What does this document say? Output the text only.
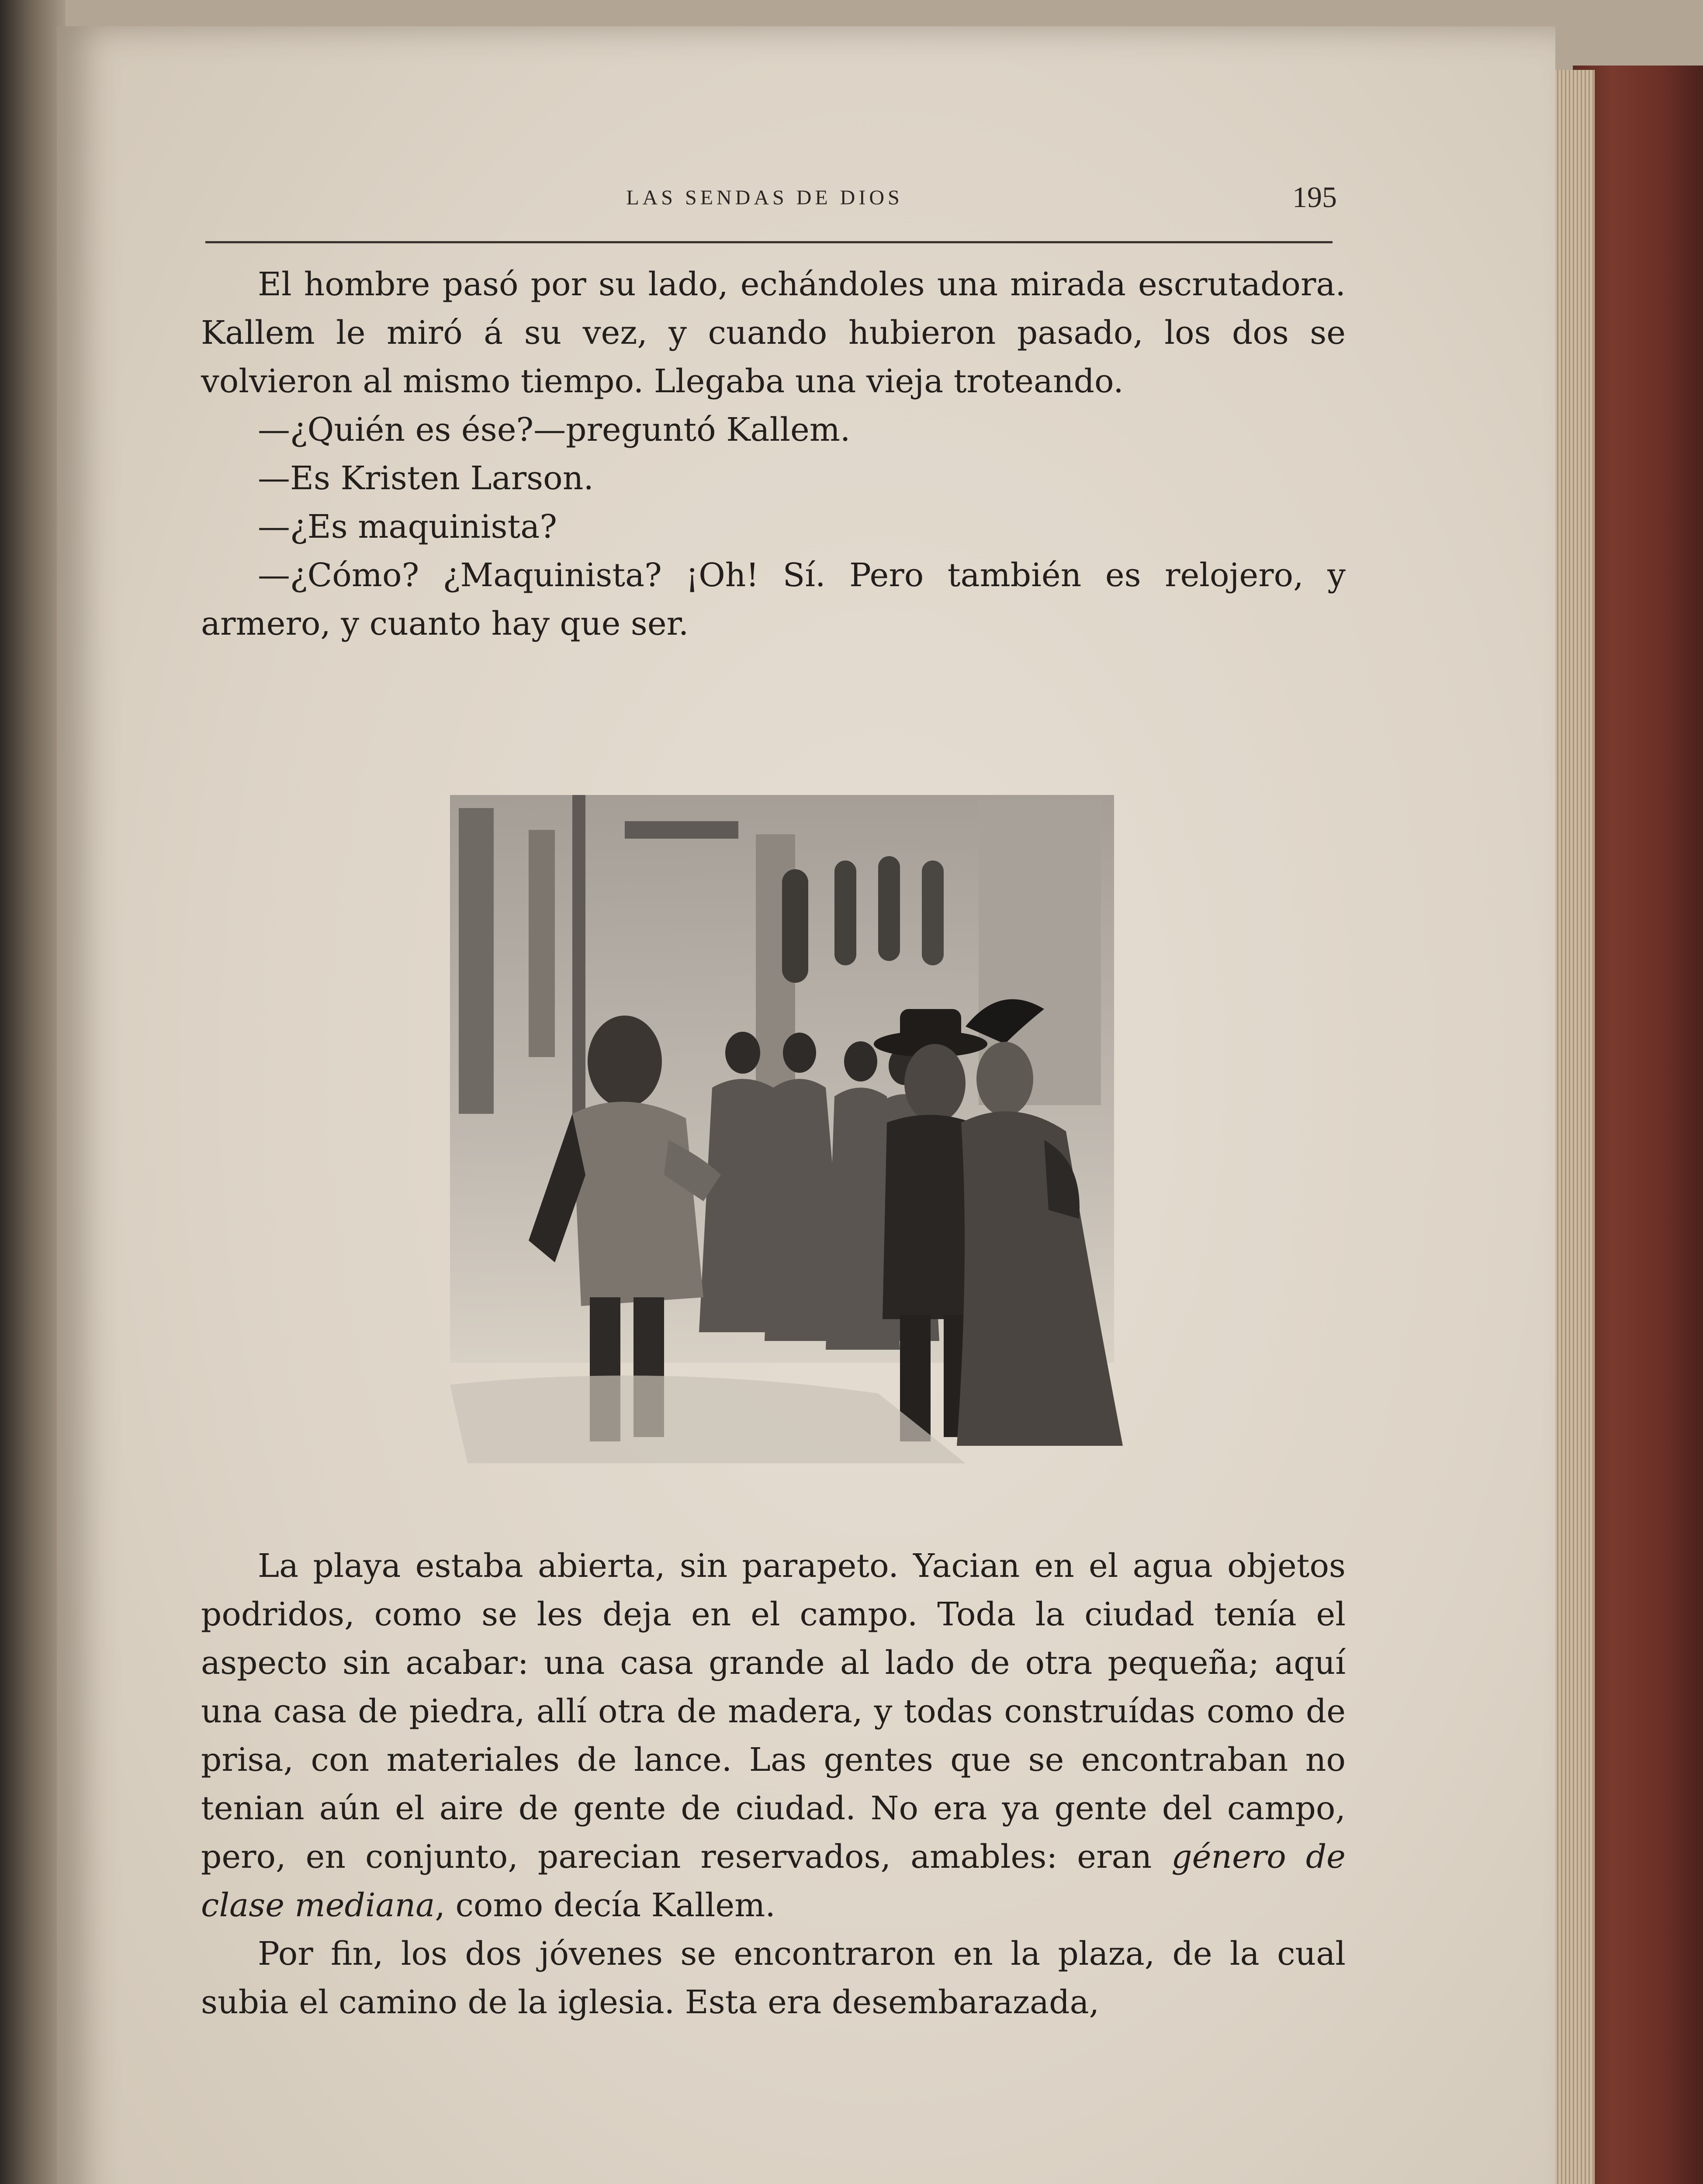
LAS SENDAS DE DIOS	195

El hombre pasó por su lado, echándoles una mirada escrutadora. Kallem le miró á su vez, y cuando hubieron pasado, los dos se volvieron al mismo tiempo. Llegaba una vieja troteando.

—¿Quién es ése?—preguntó Kallem.

—Es Kristen Larson.

—¿Es maquinista?

—¿Cómo? ¿Maquinista? ¡Oh! Sí. Pero también es relojero, y armero, y cuanto hay que ser.

La playa estaba abierta, sin parapeto. Yacian en el agua objetos podridos, como se les deja en el campo. Toda la ciudad tenía el aspecto sin acabar: una casa grande al lado de otra pequeña; aquí una casa de piedra, allí otra de madera, y todas construídas como de prisa, con materiales de lance. Las gentes que se encontraban no tenian aún el aire de gente de ciudad. No era ya gente del campo, pero, en conjunto, parecian reservados, amables: eran género de clase mediana, como decía Kallem.

Por fin, los dos jóvenes se encontraron en la plaza, de la cual subia el camino de la iglesia. Esta era desembarazada,
